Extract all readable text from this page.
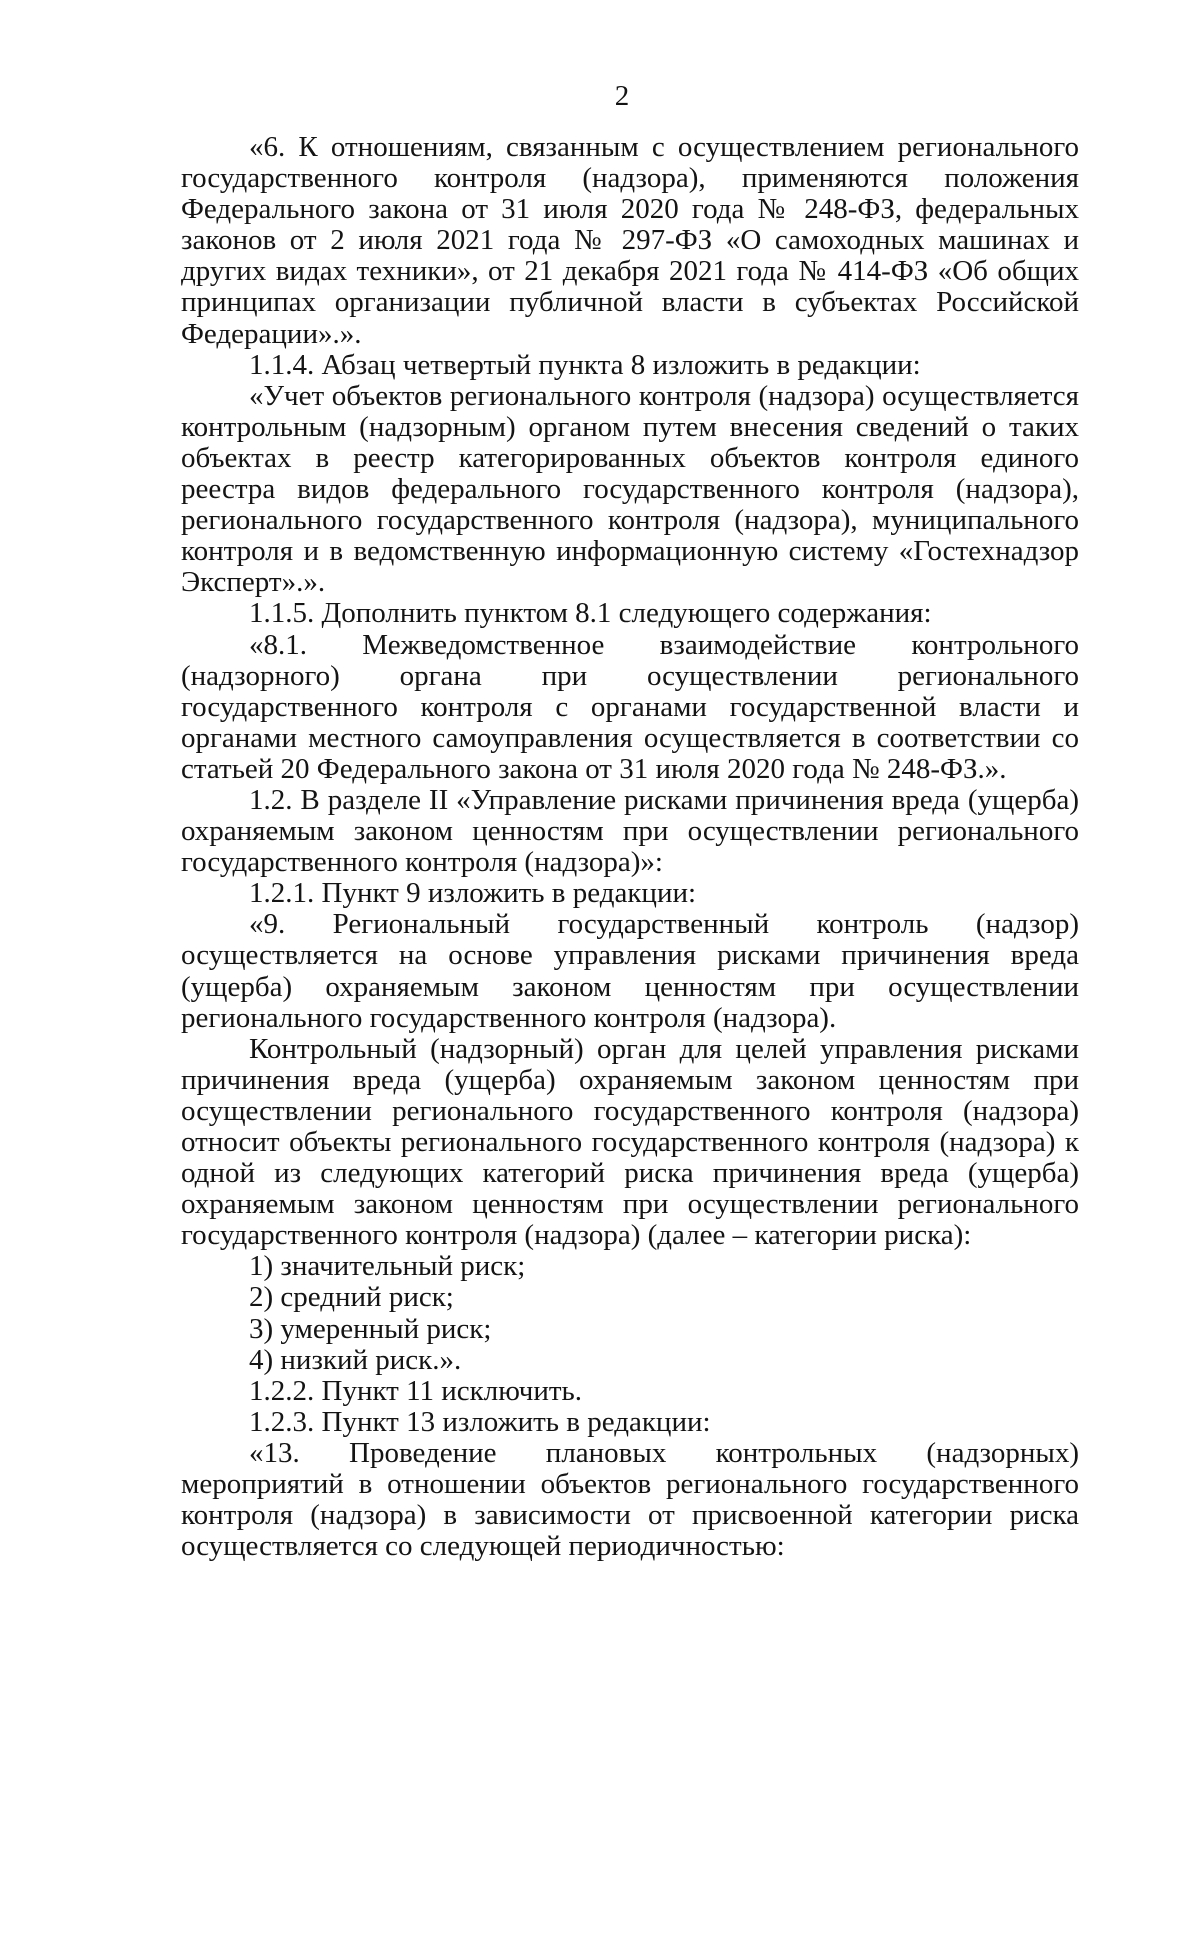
2

«6. К отношениям, связанным с осуществлением регионального государственного контроля (надзора), применяются положения Федерального закона от 31 июля 2020 года № 248-ФЗ, федеральных законов от 2 июля 2021 года № 297-ФЗ «О самоходных машинах и других видах техники», от 21 декабря 2021 года № 414-ФЗ «Об общих принципах организации публичной власти в субъектах Российской Федерации».».

1.1.4. Абзац четвертый пункта 8 изложить в редакции:

«Учет объектов регионального контроля (надзора) осуществляется контрольным (надзорным) органом путем внесения сведений о таких объектах в реестр категорированных объектов контроля единого реестра видов федерального государственного контроля (надзора), регионального государственного контроля (надзора), муниципального контроля и в ведомственную информационную систему «Гостехнадзор Эксперт».».

1.1.5. Дополнить пунктом 8.1 следующего содержания:

«8.1. Межведомственное взаимодействие контрольного (надзорного) органа при осуществлении регионального государственного контроля с органами государственной власти и органами местного самоуправления осуществляется в соответствии со статьей 20 Федерального закона от 31 июля 2020 года № 248-ФЗ.».

1.2. В разделе II «Управление рисками причинения вреда (ущерба) охраняемым законом ценностям при осуществлении регионального государственного контроля (надзора)»:

1.2.1. Пункт 9 изложить в редакции:

«9. Региональный государственный контроль (надзор) осуществляется на основе управления рисками причинения вреда (ущерба) охраняемым законом ценностям при осуществлении регионального государственного контроля (надзора).

Контрольный (надзорный) орган для целей управления рисками причинения вреда (ущерба) охраняемым законом ценностям при осуществлении регионального государственного контроля (надзора) относит объекты регионального государственного контроля (надзора) к одной из следующих категорий риска причинения вреда (ущерба) охраняемым законом ценностям при осуществлении регионального государственного контроля (надзора) (далее – категории риска):

1) значительный риск;

2) средний риск;

3) умеренный риск;

4) низкий риск.».

1.2.2. Пункт 11 исключить.

1.2.3. Пункт 13 изложить в редакции:

«13. Проведение плановых контрольных (надзорных) мероприятий в отношении объектов регионального государственного контроля (надзора) в зависимости от присвоенной категории риска осуществляется со следующей периодичностью:
